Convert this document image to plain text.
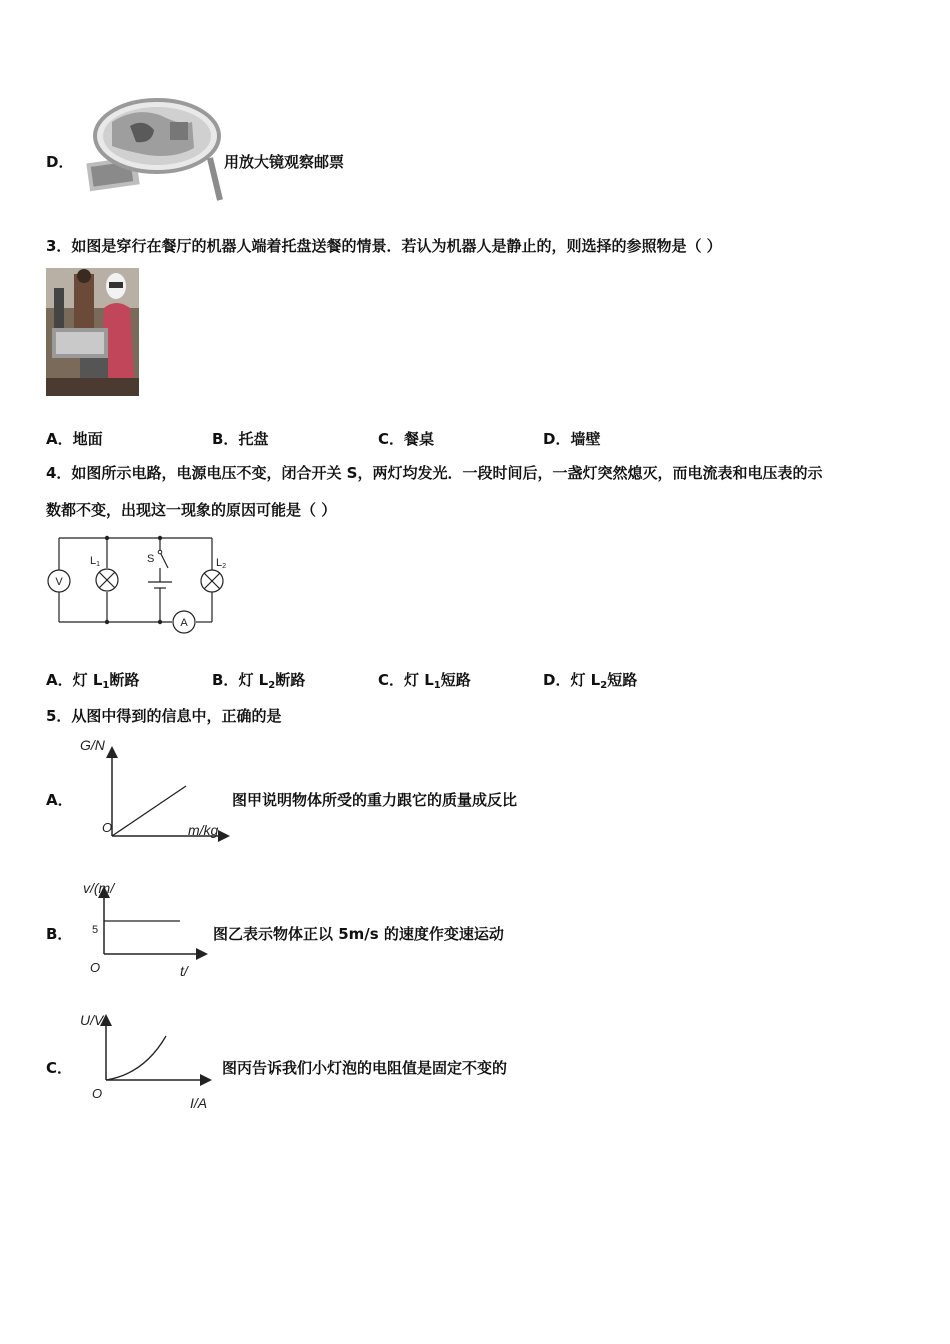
D．	用放大镜观察邮票
3．如图是穿行在餐厅的机器人端着托盘送餐的情景．若认为机器人是静止的，则选择的参照物是（ ）
A．地面	B．托盘	C．餐桌	D．墙壁
4．如图所示电路，电源电压不变，闭合开关 S，两灯均发光．一段时间后，一盏灯突然熄灭，而电流表和电压表的示
数都不变，出现这一现象的原因可能是（ ）
V
L1	S	L2
A
A．灯 $L_1$断路	B．灯 $L_2$断路	C．灯 $L_1$短路	D．灯 $L_2$短路
5．从图中得到的信息中，正确的是
A．
G/N
O	m/kg
图甲说明物体所受的重力跟它的质量成反比
B．
v/(m/
5
O	t/
图乙表示物体正以 5m/s 的速度作变速运动
C．
U/V
O
I/A
图丙告诉我们小灯泡的电阻值是固定不变的
